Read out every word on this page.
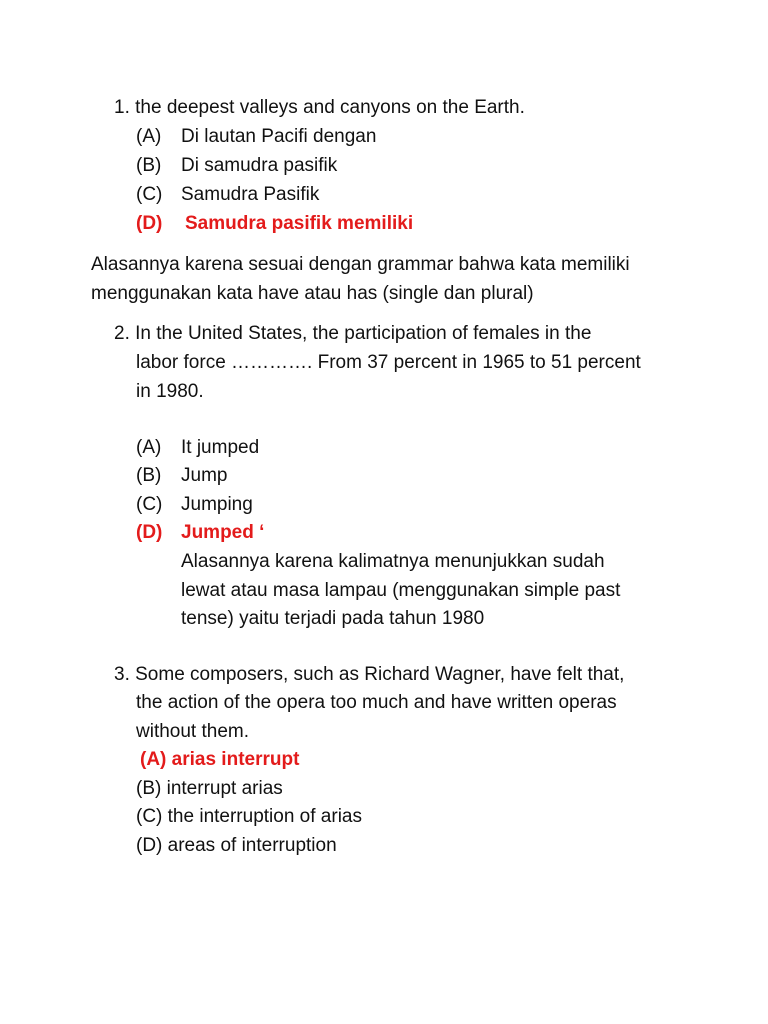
1. the deepest valleys and canyons on the Earth.
(A) Di lautan Pacifi dengan
(B) Di samudra pasifik
(C) Samudra Pasifik
(D) Samudra pasifik memiliki
Alasannya karena sesuai dengan grammar bahwa kata memiliki
menggunakan kata have atau has (single dan plural)
2. In the United States, the participation of females in the
labor force …………. From 37 percent in 1965 to 51 percent
in 1980.
(A) It jumped
(B) Jump
(C) Jumping
(D) Jumped ‘
Alasannya karena kalimatnya menunjukkan sudah
lewat atau masa lampau (menggunakan simple past
tense) yaitu terjadi pada tahun 1980
3. Some composers, such as Richard Wagner, have felt that,
the action of the opera too much and have written operas
without them.
(A) arias interrupt
(B) interrupt arias
(C) the interruption of arias
(D) areas of interruption
